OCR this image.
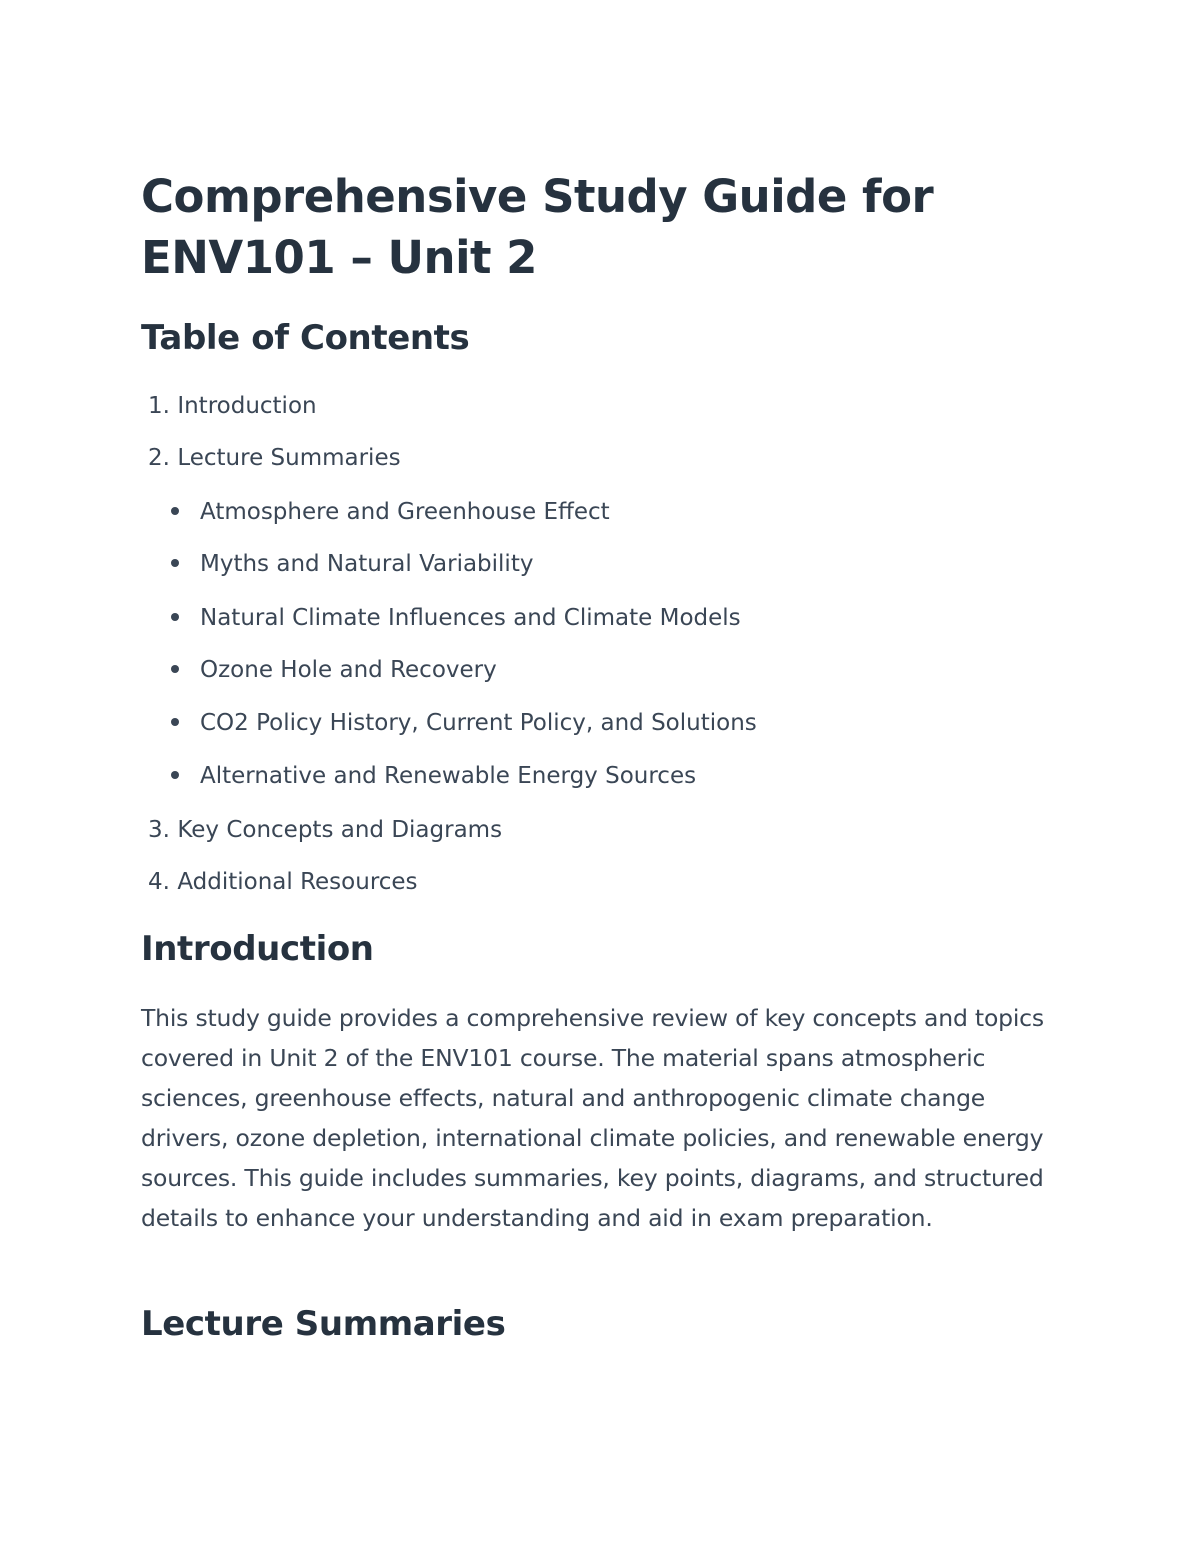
Comprehensive Study Guide for ENV101 – Unit 2
Table of Contents
1. Introduction
2. Lecture Summaries
Atmosphere and Greenhouse Effect
Myths and Natural Variability
Natural Climate Influences and Climate Models
Ozone Hole and Recovery
CO2 Policy History, Current Policy, and Solutions
Alternative and Renewable Energy Sources
3. Key Concepts and Diagrams
4. Additional Resources
Introduction

This study guide provides a comprehensive review of key concepts and topics covered in Unit 2 of the ENV101 course. The material spans atmospheric sciences, greenhouse effects, natural and anthropogenic climate change drivers, ozone depletion, international climate policies, and renewable energy sources. This guide includes summaries, key points, diagrams, and structured details to enhance your understanding and aid in exam preparation.

Lecture Summaries
